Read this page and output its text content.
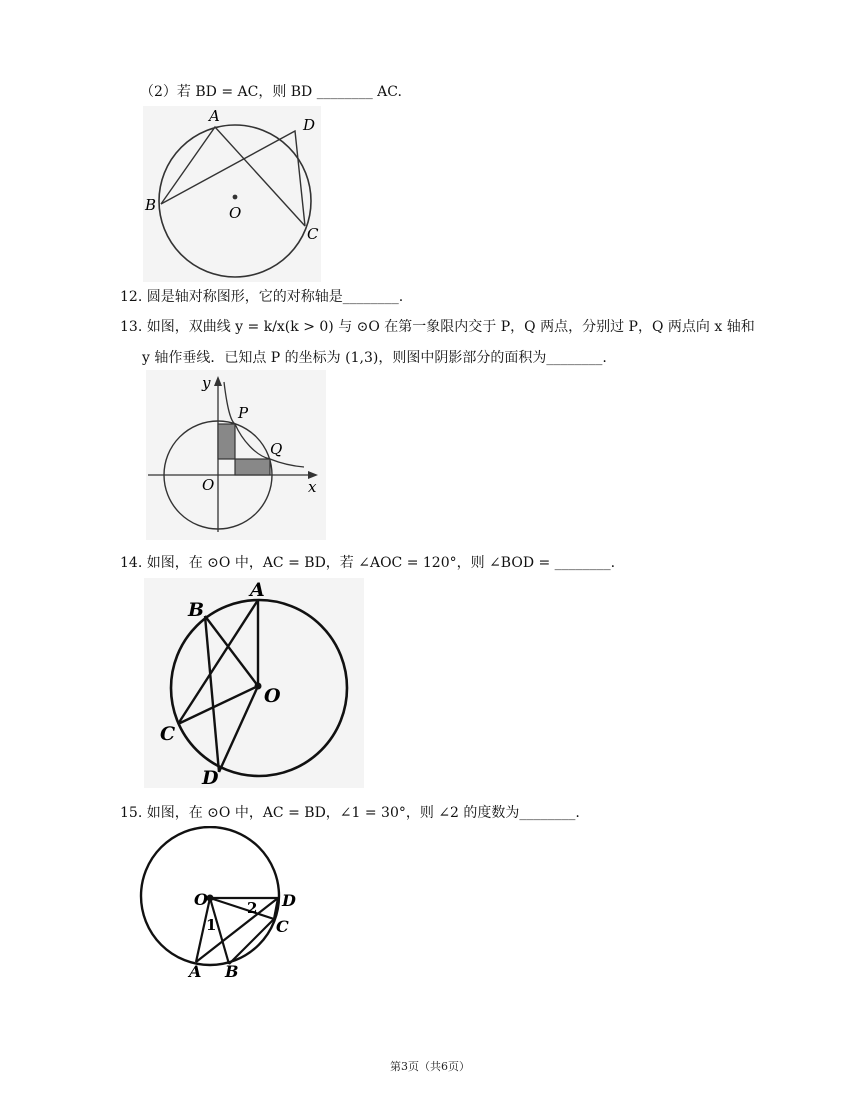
（2）若 BD = AC，则 BD ________ AC.
A	D
B	O
C
12. 圆是轴对称图形，它的对称轴是________.
13. 如图，双曲线 y = k/x(k > 0) 与 ⊙O 在第一象限内交于 P，Q 两点，分别过 P，Q 两点向 x 轴和
y 轴作垂线．已知点 P 的坐标为 (1,3)，则图中阴影部分的面积为________.
y
P
Q
O	x
14. 如图，在 ⊙O 中，AC = BD，若 ∠AOC = 120°，则 ∠BOD = ________.
A
B
O
C
D
15. 如图，在 ⊙O 中，AC = BD，∠1 = 30°，则 ∠2 的度数为________.
O	D
2
C
1
A B
第3页（共6页）
